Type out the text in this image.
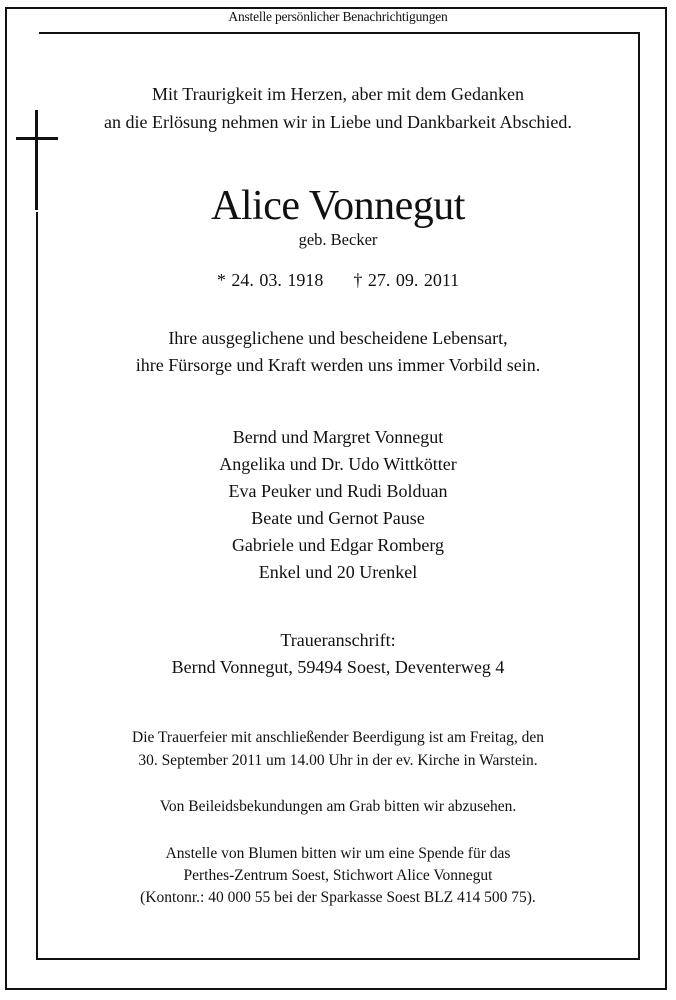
Anstelle persönlicher Benachrichtigungen
Mit Traurigkeit im Herzen, aber mit dem Gedanken
an die Erlösung nehmen wir in Liebe und Dankbarkeit Abschied.
Alice Vonnegut
geb. Becker
* 24. 03. 1918 † 27. 09. 2011
Ihre ausgeglichene und bescheidene Lebensart,
ihre Fürsorge und Kraft werden uns immer Vorbild sein.
Bernd und Margret Vonnegut
Angelika und Dr. Udo Wittkötter
Eva Peuker und Rudi Bolduan
Beate und Gernot Pause
Gabriele und Edgar Romberg
Enkel und 20 Urenkel
Traueranschrift:
Bernd Vonnegut, 59494 Soest, Deventerweg 4
Die Trauerfeier mit anschließender Beerdigung ist am Freitag, den
30. September 2011 um 14.00 Uhr in der ev. Kirche in Warstein.
Von Beileidsbekundungen am Grab bitten wir abzusehen.
Anstelle von Blumen bitten wir um eine Spende für das
Perthes-Zentrum Soest, Stichwort Alice Vonnegut
(Kontonr.: 40 000 55 bei der Sparkasse Soest BLZ 414 500 75).
